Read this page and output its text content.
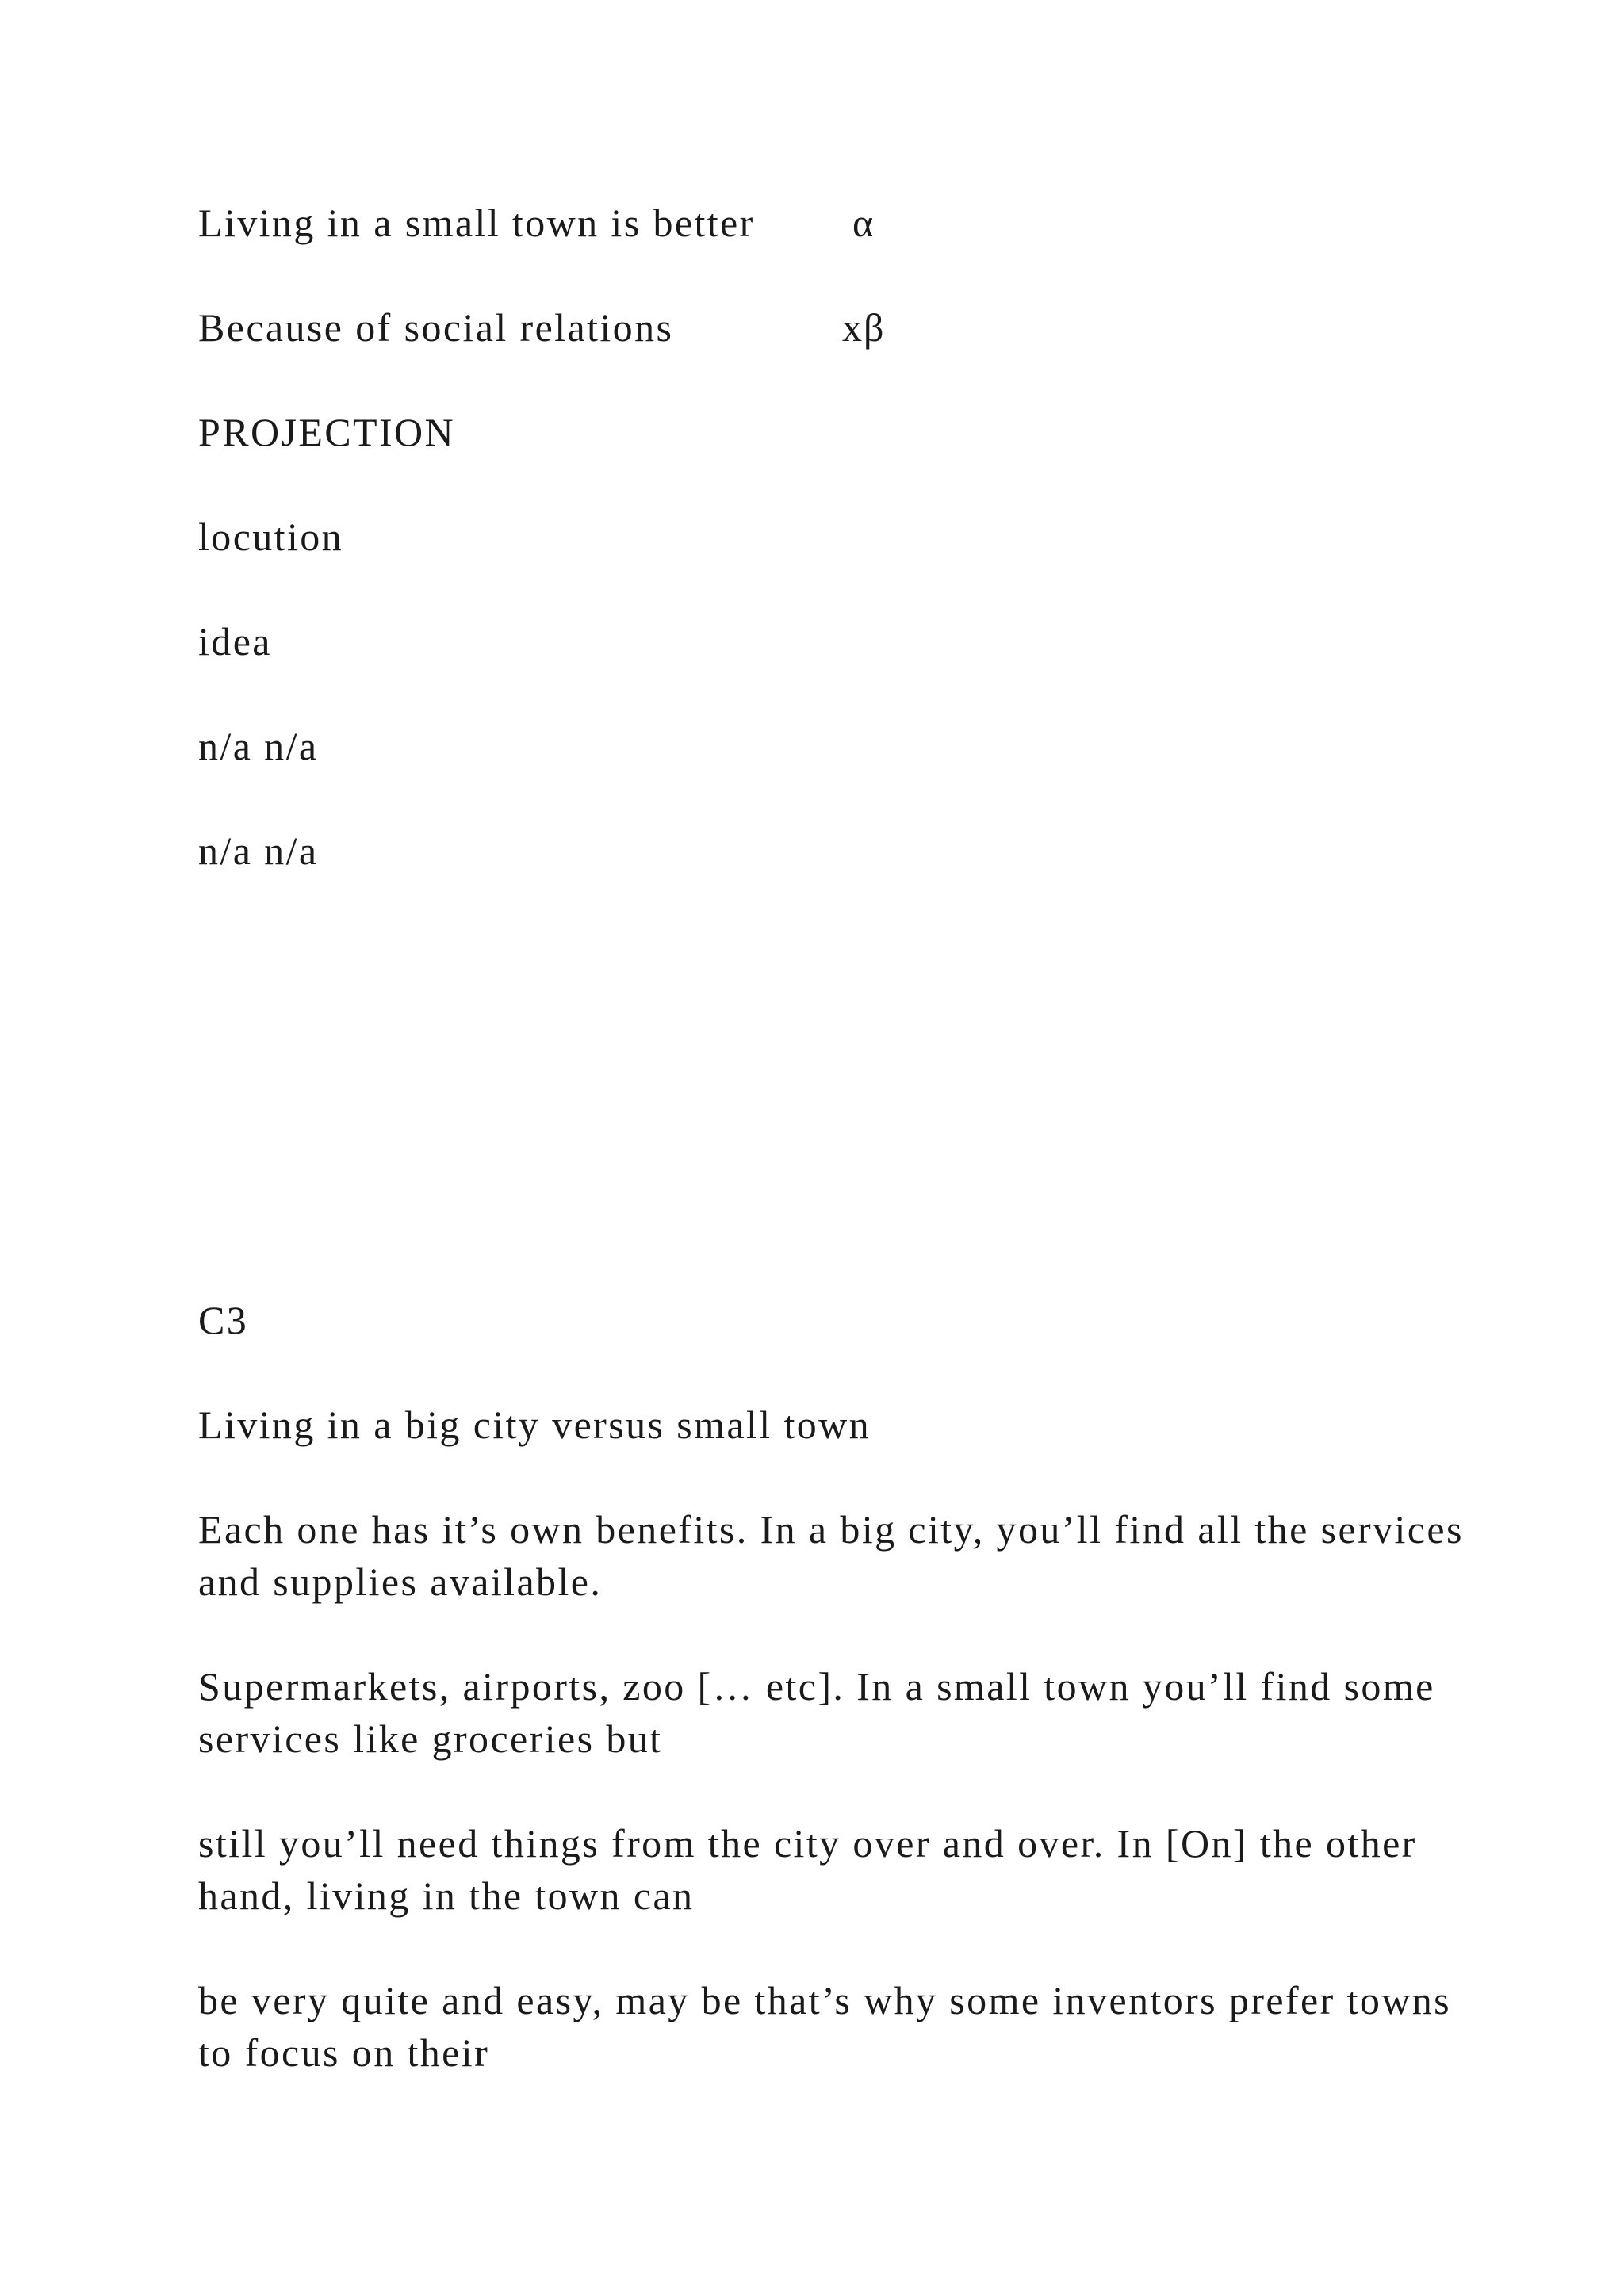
Living in a small town is better α

Because of social relations	xβ

PROJECTION

locution

idea

n/a n/a

n/a n/a

C3

Living in a big city versus small town

Each one has it’s own benefits. In a big city, you’ll find all the services and supplies available.

Supermarkets, airports, zoo [… etc]. In a small town you’ll find some services like groceries but

still you’ll need things from the city over and over. In [On] the other hand, living in the town can

be very quite and easy, may be that’s why some inventors prefer towns to focus on their
